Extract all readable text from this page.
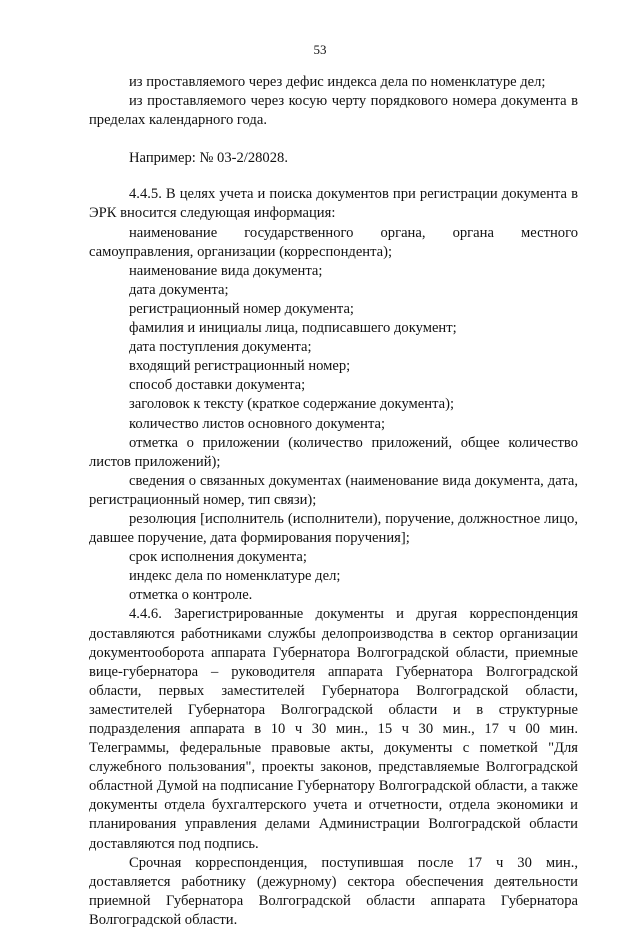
53

из проставляемого через дефис индекса дела по номенклатуре дел;

из проставляемого через косую черту порядкового номера документа в пределах календарного года.

Например: № 03-2/28028.

4.4.5. В целях учета и поиска документов при регистрации документа в ЭРК вносится следующая информация:

наименование государственного органа, органа местного самоуправления, организации (корреспондента);

наименование вида документа;

дата документа;

регистрационный номер документа;

фамилия и инициалы лица, подписавшего документ;

дата поступления документа;

входящий регистрационный номер;

способ доставки документа;

заголовок к тексту (краткое содержание документа);

количество листов основного документа;

отметка о приложении (количество приложений, общее количество листов приложений);

сведения о связанных документах (наименование вида документа, дата, регистрационный номер, тип связи);

резолюция [исполнитель (исполнители), поручение, должностное лицо, давшее поручение, дата формирования поручения];

срок исполнения документа;

индекс дела по номенклатуре дел;

отметка о контроле.

4.4.6. Зарегистрированные документы и другая корреспонденция доставляются работниками службы делопроизводства в сектор организации документооборота аппарата Губернатора Волгоградской области, приемные вице-губернатора – руководителя аппарата Губернатора Волгоградской области, первых заместителей Губернатора Волгоградской области, заместителей Губернатора Волгоградской области и в структурные подразделения аппарата в 10 ч 30 мин., 15 ч 30 мин., 17 ч 00 мин. Телеграммы, федеральные правовые акты, документы с пометкой "Для служебного пользования", проекты законов, представляемые Волгоградской областной Думой на подписание Губернатору Волгоградской области, а также документы отдела бухгалтерского учета и отчетности, отдела экономики и планирования управления делами Администрации Волгоградской области доставляются под подпись.

Срочная корреспонденция, поступившая после 17 ч 30 мин., доставляется работнику (дежурному) сектора обеспечения деятельности приемной Губернатора Волгоградской области аппарата Губернатора Волгоградской области.
